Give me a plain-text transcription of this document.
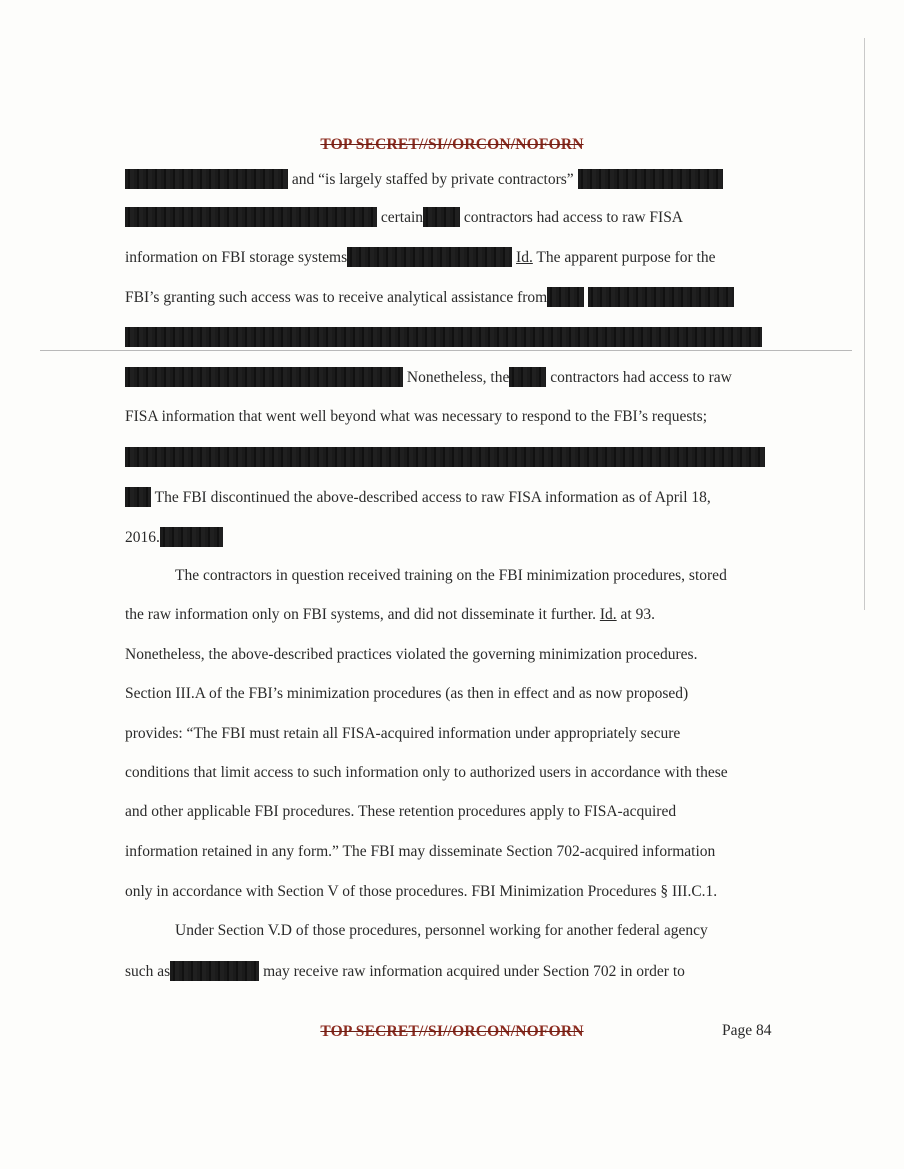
TOP SECRET//SI//ORCON/NOFORN
and “is largely staffed by private contractors”
certain	contractors had access to raw FISA
information on FBI storage systems	Id. The apparent purpose for the
FBI’s granting such access was to receive analytical assistance from
Nonetheless, the	contractors had access to raw
FISA information that went well beyond what was necessary to respond to the FBI’s requests;
The FBI discontinued the above-described access to raw FISA information as of April 18,
2016.
The contractors in question received training on the FBI minimization procedures, stored
the raw information only on FBI systems, and did not disseminate it further. Id. at 93.
Nonetheless, the above-described practices violated the governing minimization procedures.
Section III.A of the FBI’s minimization procedures (as then in effect and as now proposed)
provides: “The FBI must retain all FISA-acquired information under appropriately secure
conditions that limit access to such information only to authorized users in accordance with these
and other applicable FBI procedures. These retention procedures apply to FISA-acquired
information retained in any form.” The FBI may disseminate Section 702-acquired information
only in accordance with Section V of those procedures. FBI Minimization Procedures § III.C.1.
Under Section V.D of those procedures, personnel working for another federal agency
such as	may receive raw information acquired under Section 702 in order to
TOP SECRET//SI//ORCON/NOFORN	Page 84
